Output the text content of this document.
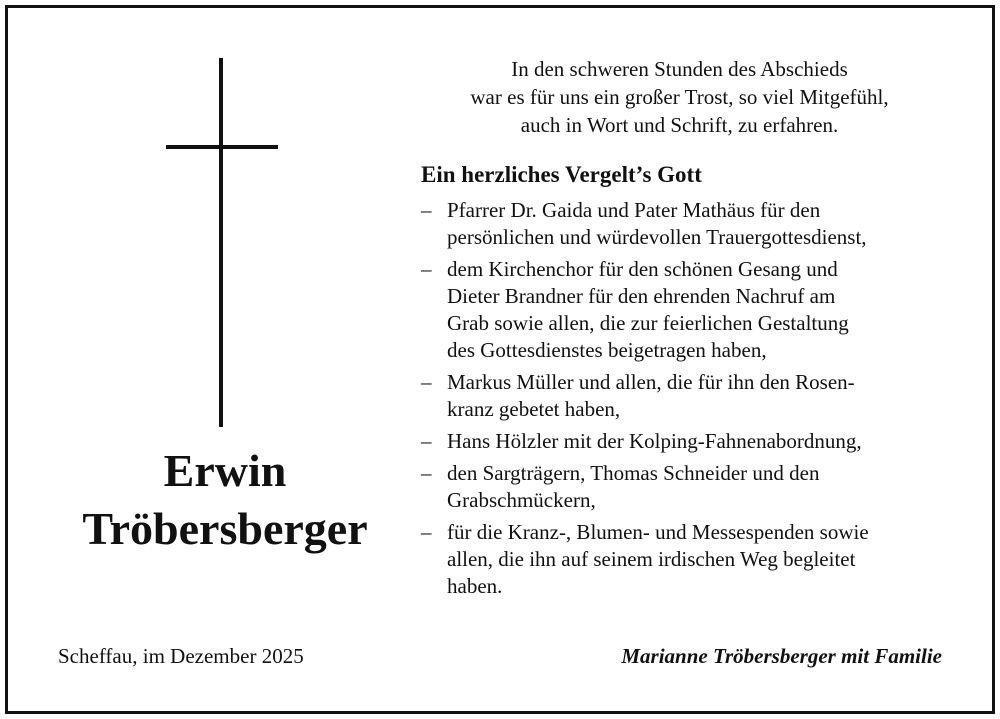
Erwin
Tröbersberger
In den schweren Stunden des Abschieds
war es für uns ein großer Trost, so viel Mitgefühl,
auch in Wort und Schrift, zu erfahren.
Ein herzliches Vergelt’s Gott
– Pfarrer Dr. Gaida und Pater Mathäus für den
persönlichen und würdevollen Trauergottesdienst,
– dem Kirchenchor für den schönen Gesang und
Dieter Brandner für den ehrenden Nachruf am
Grab sowie allen, die zur feierlichen Gestaltung
des Gottesdienstes beigetragen haben,
– Markus Müller und allen, die für ihn den Rosen-
kranz gebetet haben,
– Hans Hölzler mit der Kolping-Fahnenabordnung,
– den Sargträgern, Thomas Schneider und den
Grabschmückern,
– für die Kranz-, Blumen- und Messespenden sowie
allen, die ihn auf seinem irdischen Weg begleitet
haben.
Scheffau, im Dezember 2025	Marianne Tröbersberger mit Familie
